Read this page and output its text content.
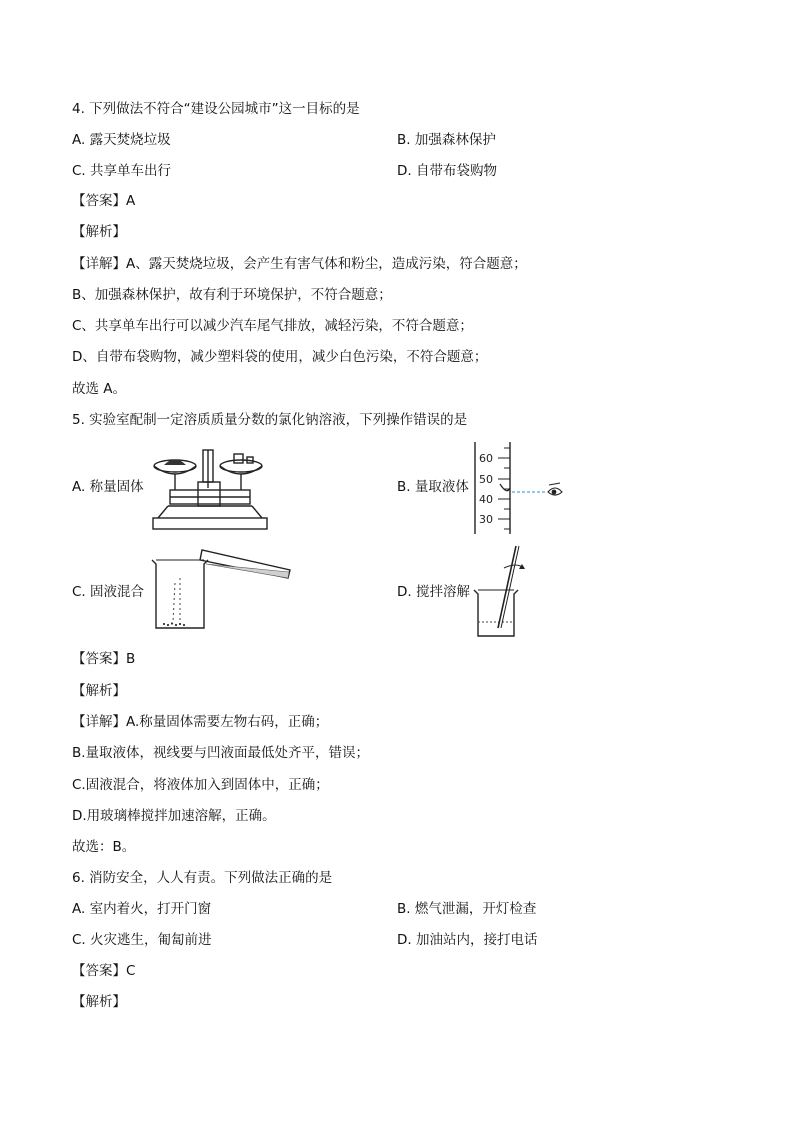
4. 下列做法不符合“建设公园城市”这一目标的是
A. 露天焚烧垃圾	B. 加强森林保护
C. 共享单车出行	D. 自带布袋购物
【答案】A
【解析】
【详解】A、露天焚烧垃圾，会产生有害气体和粉尘，造成污染，符合题意；
B、加强森林保护，故有利于环境保护，不符合题意；
C、共享单车出行可以减少汽车尾气排放，减轻污染，不符合题意；
D、自带布袋购物，减少塑料袋的使用，减少白色污染，不符合题意；
故选 A。
5. 实验室配制一定溶质质量分数的氯化钠溶液，下列操作错误的是
A. 称量固体	B. 量取液体
60
50
40
30
C. 固液混合	D. 搅拌溶解
【答案】B
【解析】
【详解】A.称量固体需要左物右码，正确；
B.量取液体，视线要与凹液面最低处齐平，错误；
C.固液混合，将液体加入到固体中，正确；
D.用玻璃棒搅拌加速溶解，正确。
故选：B。
6. 消防安全，人人有责。下列做法正确的是
A. 室内着火，打开门窗	B. 燃气泄漏，开灯检查
C. 火灾逃生，匍匐前进	D. 加油站内，接打电话
【答案】C
【解析】
